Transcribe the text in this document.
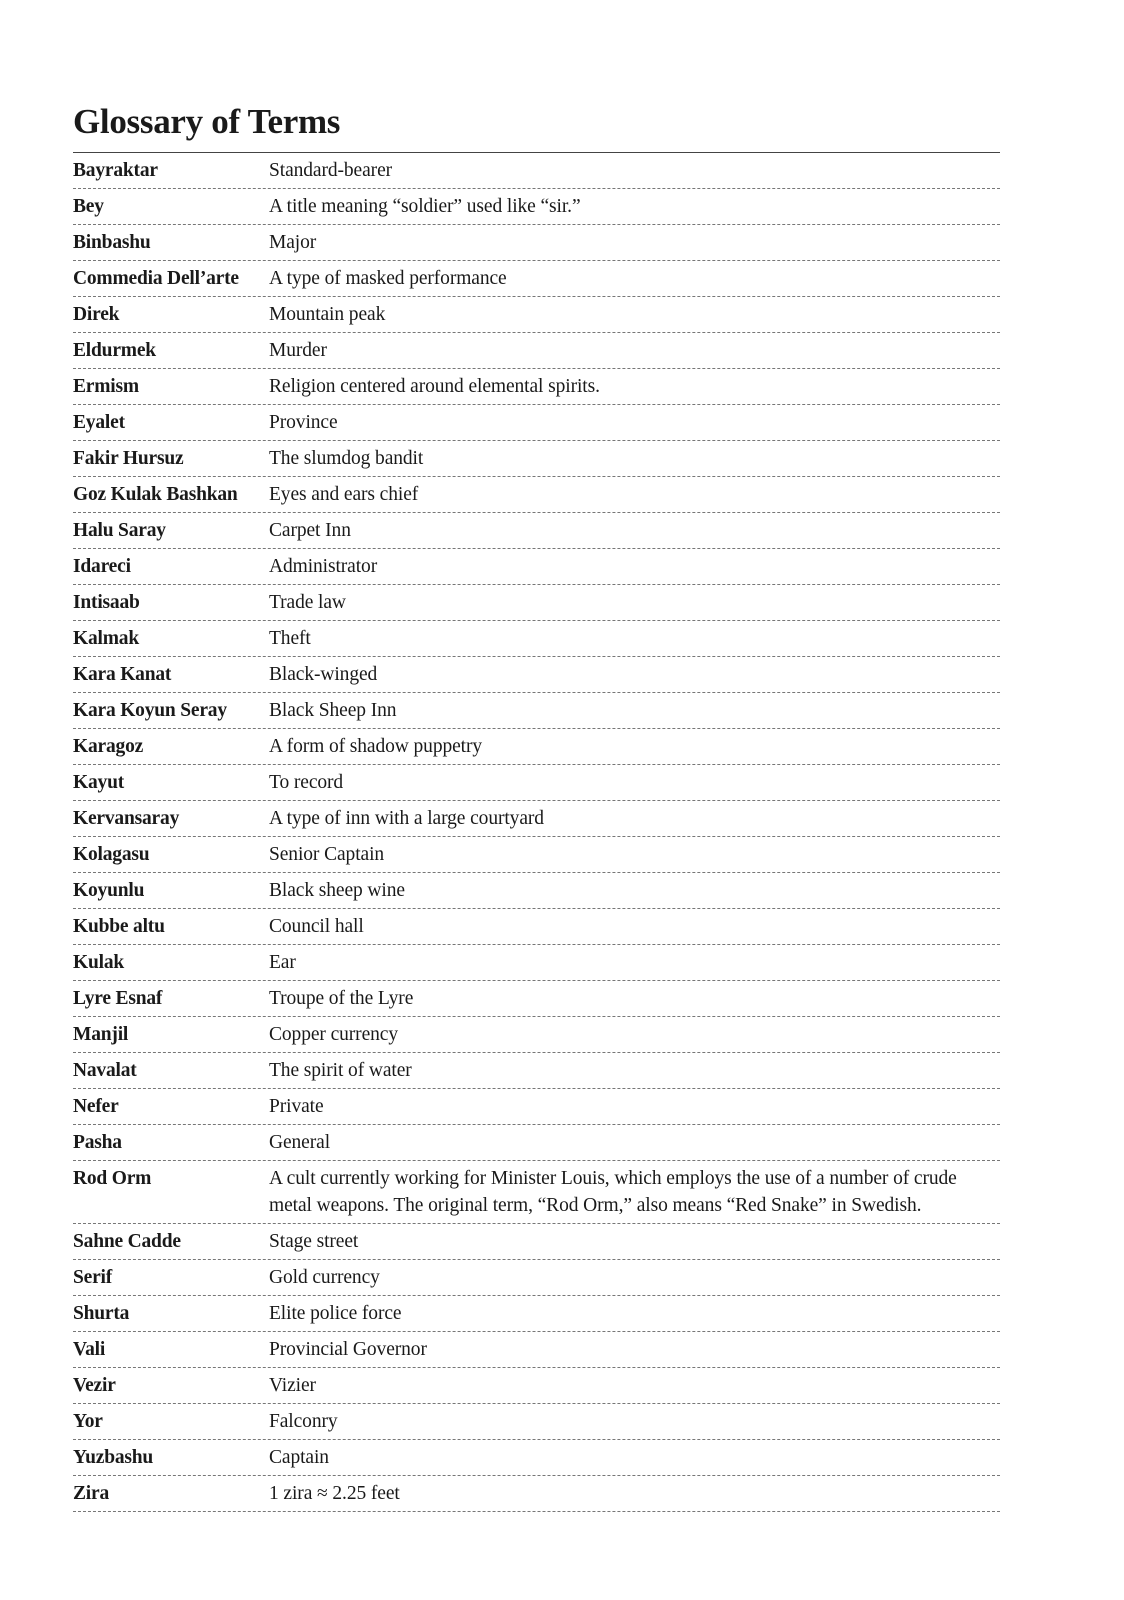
Glossary of Terms
Bayraktar	Standard-bearer
Bey	A title meaning “soldier” used like “sir.”
Binbashu	Major
Commedia Dell’arte	A type of masked performance
Direk	Mountain peak
Eldurmek	Murder
Ermism	Religion centered around elemental spirits.
Eyalet	Province
Fakir Hursuz	The slumdog bandit
Goz Kulak Bashkan	Eyes and ears chief
Halu Saray	Carpet Inn
Idareci	Administrator
Intisaab	Trade law
Kalmak	Theft
Kara Kanat	Black-winged
Kara Koyun Seray	Black Sheep Inn
Karagoz	A form of shadow puppetry
Kayut	To record
Kervansaray	A type of inn with a large courtyard
Kolagasu	Senior Captain
Koyunlu	Black sheep wine
Kubbe altu	Council hall
Kulak	Ear
Lyre Esnaf	Troupe of the Lyre
Manjil	Copper currency
Navalat	The spirit of water
Nefer	Private
Pasha	General
Rod Orm	A cult currently working for Minister Louis, which employs the use of a number of crude metal weapons. The original term, “Rod Orm,” also means “Red Snake” in Swedish.
Sahne Cadde	Stage street
Serif	Gold currency
Shurta	Elite police force
Vali	Provincial Governor
Vezir	Vizier
Yor	Falconry
Yuzbashu	Captain
Zira	1 zira ≈ 2.25 feet
